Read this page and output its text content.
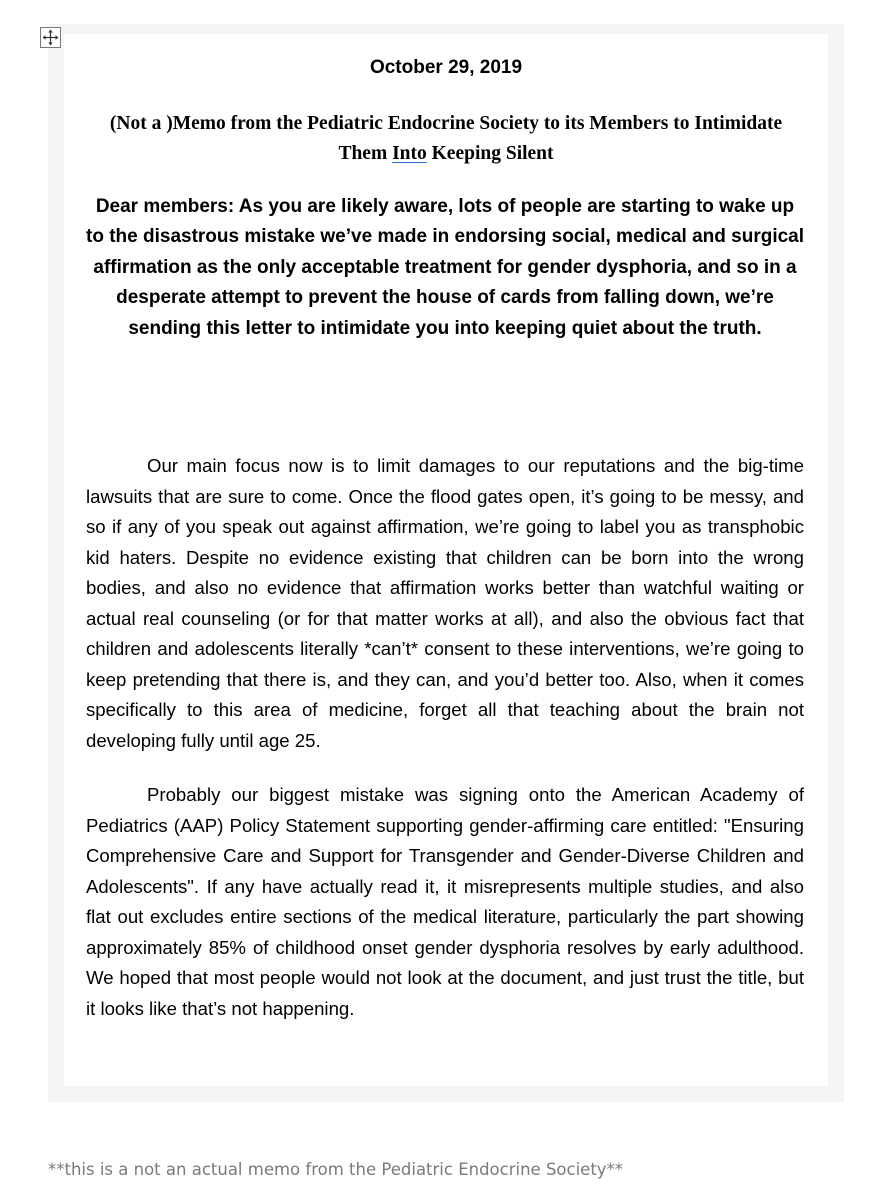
October 29, 2019
(Not a )Memo from the Pediatric Endocrine Society to its Members to Intimidate Them Into Keeping Silent
Dear members: As you are likely aware, lots of people are starting to wake up to the disastrous mistake we’ve made in endorsing social, medical and surgical affirmation as the only acceptable treatment for gender dysphoria, and so in a desperate attempt to prevent the house of cards from falling down, we’re sending this letter to intimidate you into keeping quiet about the truth.
Our main focus now is to limit damages to our reputations and the big-time lawsuits that are sure to come. Once the flood gates open, it’s going to be messy, and so if any of you speak out against affirmation, we’re going to label you as transphobic kid haters. Despite no evidence existing that children can be born into the wrong bodies, and also no evidence that affirmation works better than watchful waiting or actual real counseling (or for that matter works at all), and also the obvious fact that children and adolescents literally *can’t* consent to these interventions, we’re going to keep pretending that there is, and they can, and you’d better too. Also, when it comes specifically to this area of medicine, forget all that teaching about the brain not developing fully until age 25.
Probably our biggest mistake was signing onto the American Academy of Pediatrics (AAP) Policy Statement supporting gender-affirming care entitled: "Ensuring Comprehensive Care and Support for Transgender and Gender-Diverse Children and Adolescents". If any have actually read it, it misrepresents multiple studies, and also flat out excludes entire sections of the medical literature, particularly the part showing approximately 85% of childhood onset gender dysphoria resolves by early adulthood. We hoped that most people would not look at the document, and just trust the title, but it looks like that’s not happening.
**this is a not an actual memo from the Pediatric Endocrine Society**
